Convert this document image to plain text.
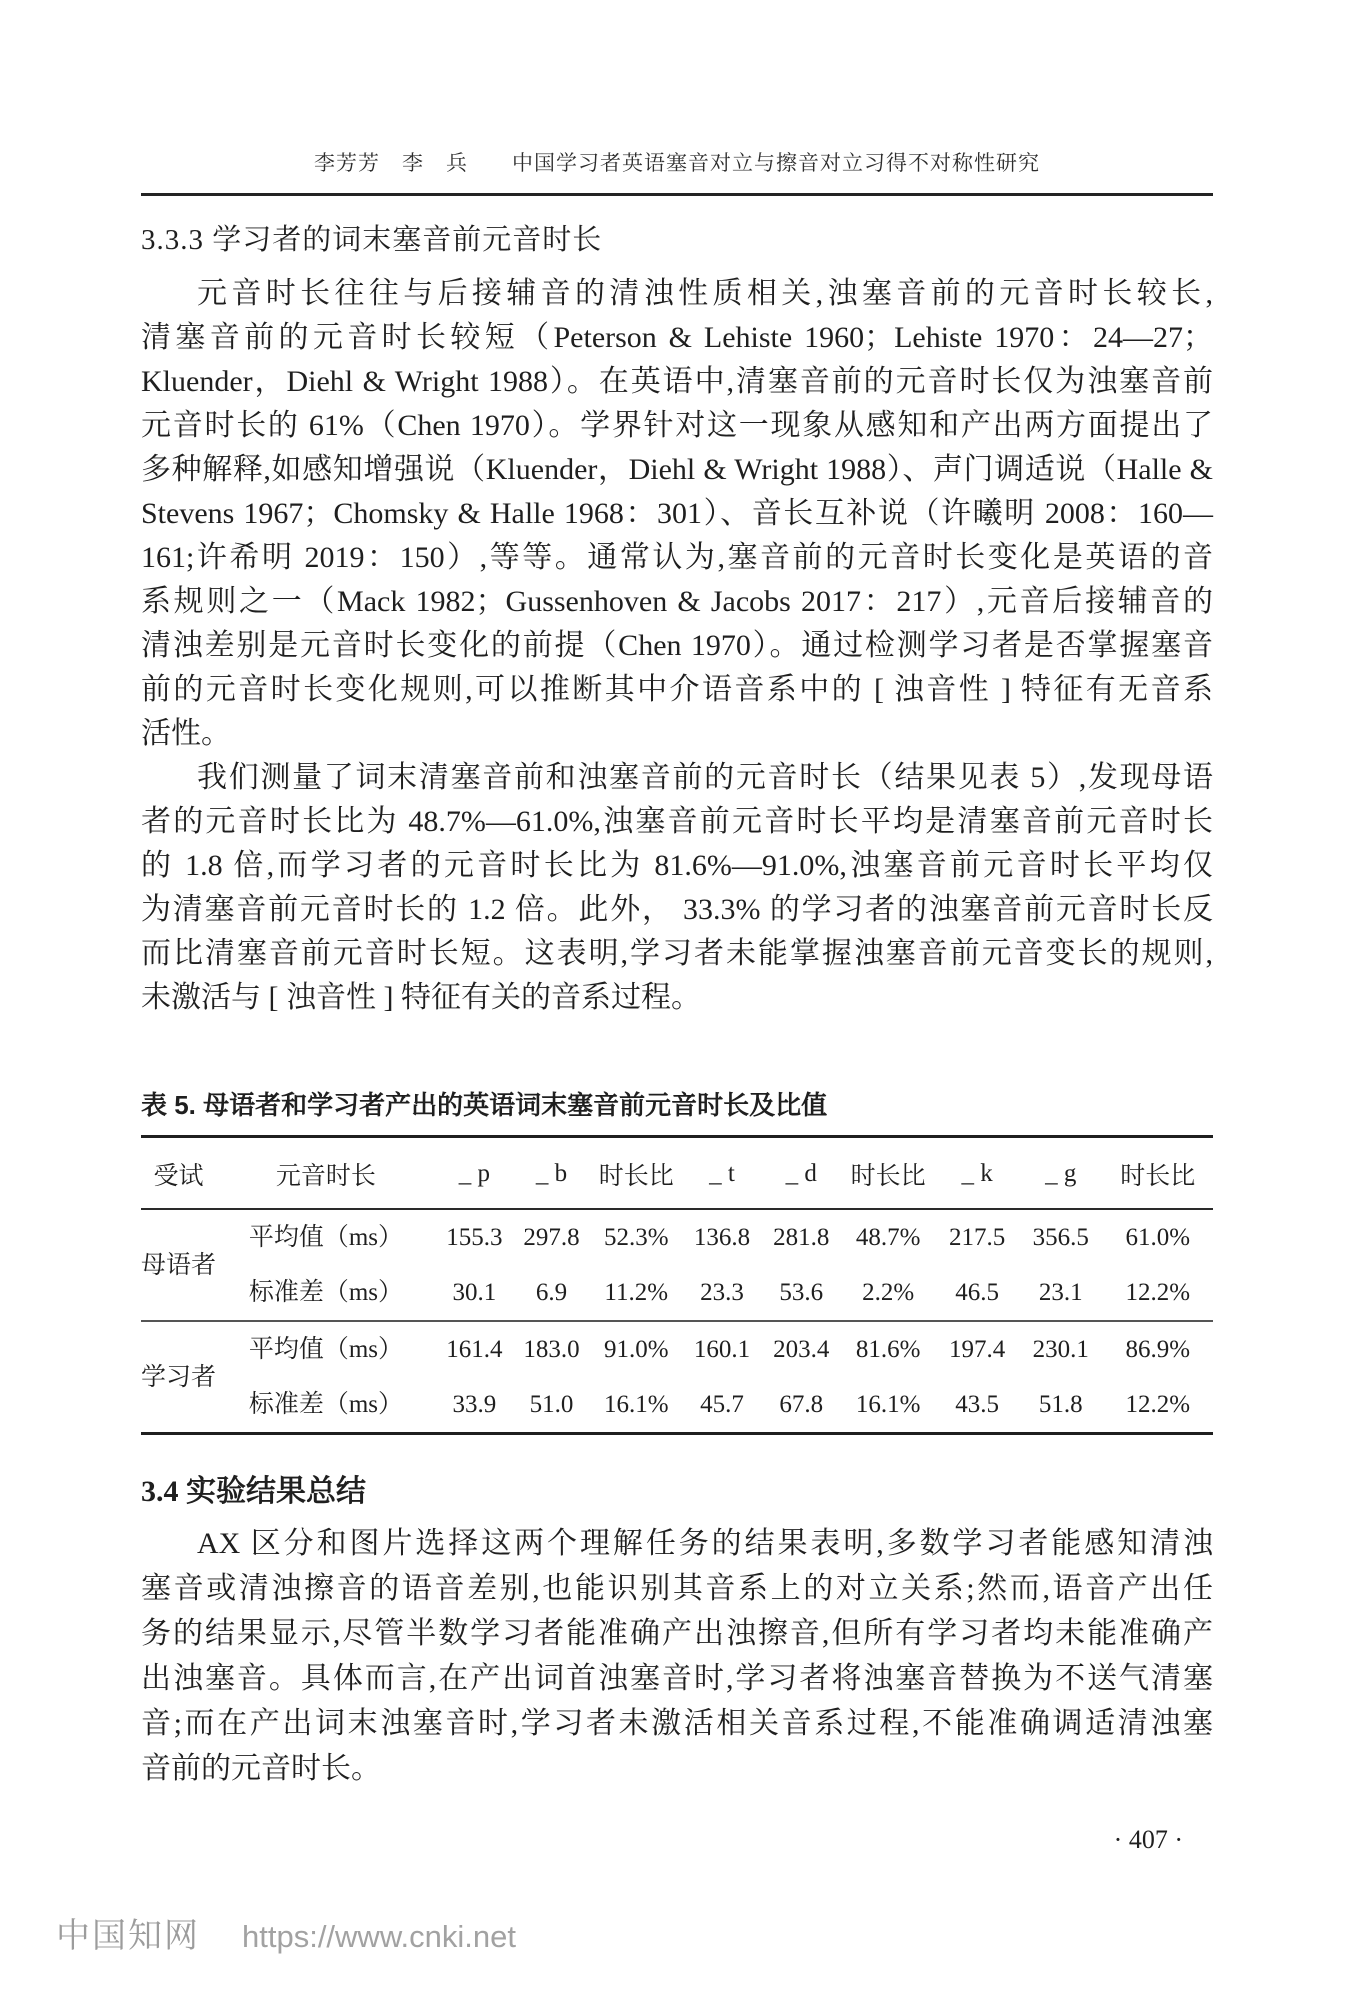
李芳芳　李　兵　　中国学习者英语塞音对立与擦音对立习得不对称性研究
3.3.3 学习者的词末塞音前元音时长
元音时长往往与后接辅音的清浊性质相关,浊塞音前的元音时长较长,
清塞音前的元音时长较短（Peterson & Lehiste 1960；Lehiste 1970：24—27；
Kluender，Diehl & Wright 1988）。在英语中,清塞音前的元音时长仅为浊塞音前
元音时长的 61%（Chen 1970）。学界针对这一现象从感知和产出两方面提出了
多种解释,如感知增强说（Kluender，Diehl & Wright 1988）、声门调适说（Halle &
Stevens 1967；Chomsky & Halle 1968：301）、音长互补说（许曦明 2008：160—
161;许希明 2019：150）,等等。通常认为,塞音前的元音时长变化是英语的音
系规则之一（Mack 1982；Gussenhoven & Jacobs 2017：217）,元音后接辅音的
清浊差别是元音时长变化的前提（Chen 1970）。通过检测学习者是否掌握塞音
前的元音时长变化规则,可以推断其中介语音系中的 [ 浊音性 ] 特征有无音系
活性。
我们测量了词末清塞音前和浊塞音前的元音时长（结果见表 5）,发现母语
者的元音时长比为 48.7%—61.0%,浊塞音前元音时长平均是清塞音前元音时长
的 1.8 倍,而学习者的元音时长比为 81.6%—91.0%,浊塞音前元音时长平均仅
为清塞音前元音时长的 1.2 倍。此外， 33.3% 的学习者的浊塞音前元音时长反
而比清塞音前元音时长短。这表明,学习者未能掌握浊塞音前元音变长的规则,
未激活与 [ 浊音性 ] 特征有关的音系过程。
表 5. 母语者和学习者产出的英语词末塞音前元音时长及比值
受试	元音时长	_ p	_ b	时长比	_ t	_ d	时长比	_ k	_ g	时长比
母语者	平均值（ms）	155.3	297.8	52.3%	136.8	281.8	48.7%	217.5	356.5	61.0%
	标准差（ms）	30.1	6.9	11.2%	23.3	53.6	2.2%	46.5	23.1	12.2%
学习者	平均值（ms）	161.4	183.0	91.0%	160.1	203.4	81.6%	197.4	230.1	86.9%
	标准差（ms）	33.9	51.0	16.1%	45.7	67.8	16.1%	43.5	51.8	12.2%
3.4 实验结果总结
AX 区分和图片选择这两个理解任务的结果表明,多数学习者能感知清浊
塞音或清浊擦音的语音差别,也能识别其音系上的对立关系;然而,语音产出任
务的结果显示,尽管半数学习者能准确产出浊擦音,但所有学习者均未能准确产
出浊塞音。具体而言,在产出词首浊塞音时,学习者将浊塞音替换为不送气清塞
音;而在产出词末浊塞音时,学习者未激活相关音系过程,不能准确调适清浊塞
音前的元音时长。
· 407 ·
中国知网 https://www.cnki.net
